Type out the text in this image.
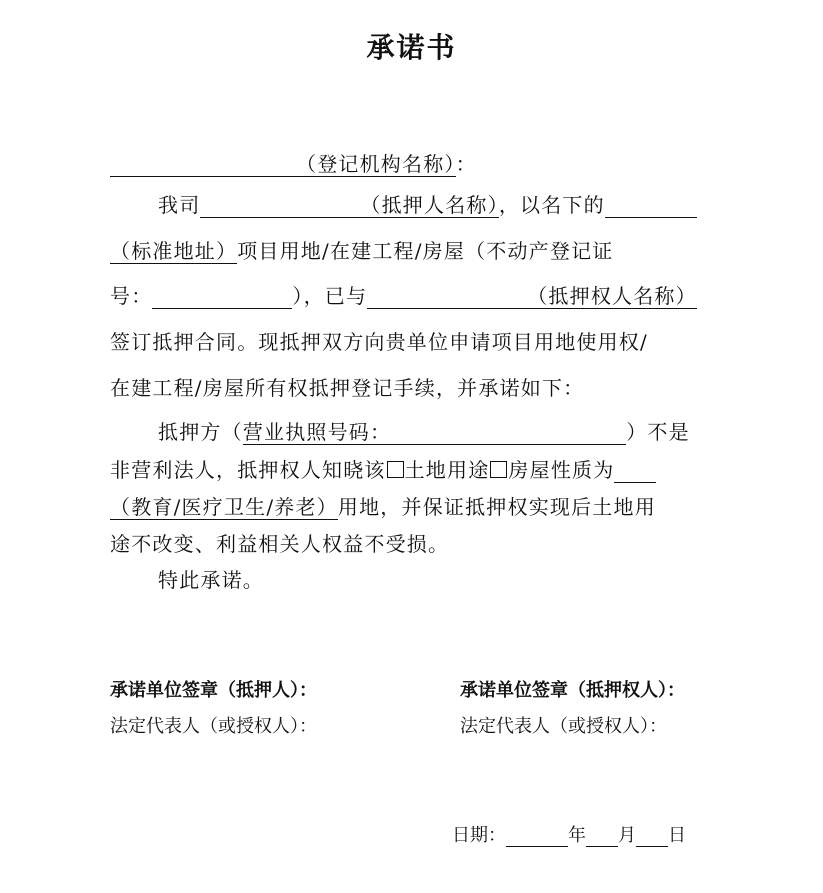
承诺书
（登记机构名称）：
我司	（抵押人名称），以名下的
（标准地址）项目用地/在建工程/房屋（不动产登记证
号：	），已与	（抵押权人名称）
签订抵押合同。现抵押双方向贵单位申请项目用地使用权/
在建工程/房屋所有权抵押登记手续，并承诺如下：
抵押方（营业执照号码：	）不是
非营利法人，抵押权人知晓该 土地用途 房屋性质为
（教育/医疗卫生/养老）用地，并保证抵押权实现后土地用
途不改变、利益相关人权益不受损。
特此承诺。
承诺单位签章（抵押人）：
法定代表人（或授权人）：
承诺单位签章（抵押权人）：
法定代表人（或授权人）：
日期：	年 月 日
